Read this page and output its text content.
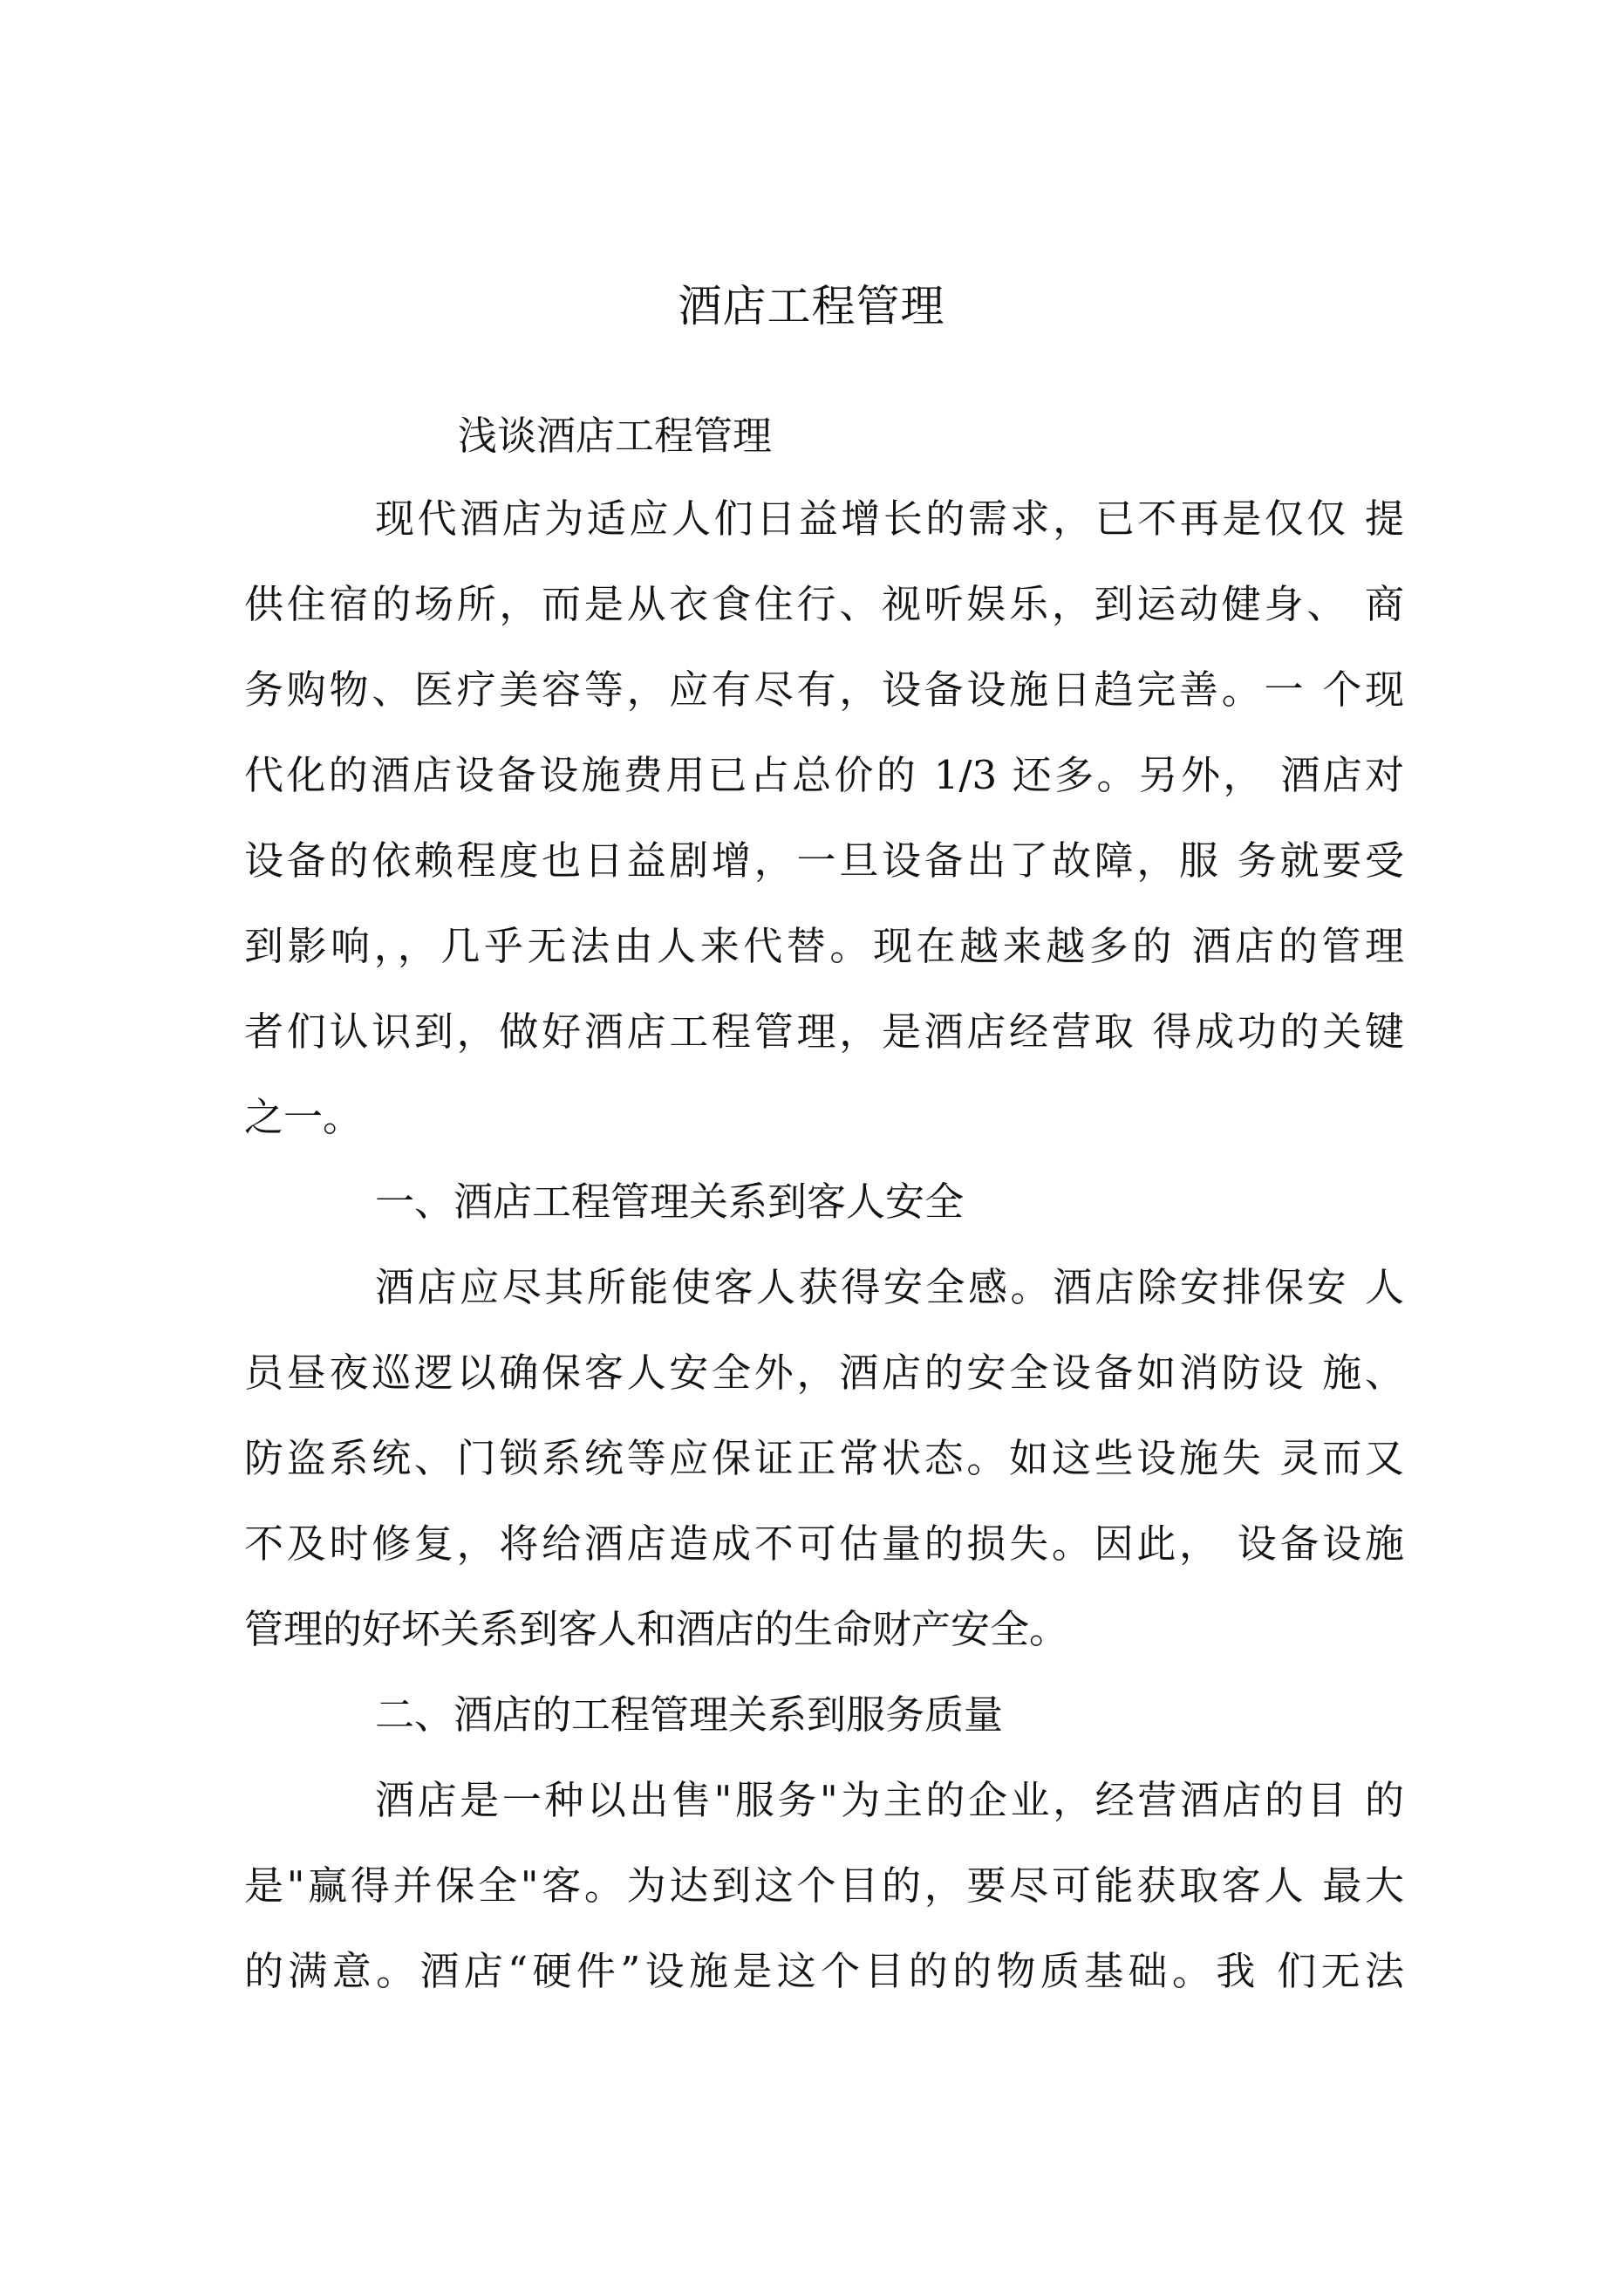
酒店工程管理
浅谈酒店工程管理
现代酒店为适应人们日益增长的需求，已不再是仅仅 提
供住宿的场所，而是从衣食住行、视听娱乐，到运动健身、 商
务购物、医疗美容等，应有尽有，设备设施日趋完善。一 个现
代化的酒店设备设施费用已占总价的 1/3 还多。另外， 酒店对
设备的依赖程度也日益剧增，一旦设备出了故障，服 务就要受
到影响，，几乎无法由人来代替。现在越来越多的 酒店的管理
者们认识到，做好酒店工程管理，是酒店经营取 得成功的关键
之一。
一、酒店工程管理关系到客人安全
酒店应尽其所能使客人获得安全感。酒店除安排保安 人
员昼夜巡逻以确保客人安全外，酒店的安全设备如消防设 施、
防盗系统、门锁系统等应保证正常状态。如这些设施失 灵而又
不及时修复，将给酒店造成不可估量的损失。因此， 设备设施
管理的好坏关系到客人和酒店的生命财产安全。
二、酒店的工程管理关系到服务质量
酒店是一种以出售"服务"为主的企业，经营酒店的目 的
是"赢得并保全"客。为达到这个目的，要尽可能获取客人 最大
的满意。酒店“硬件”设施是这个目的的物质基础。我 们无法
